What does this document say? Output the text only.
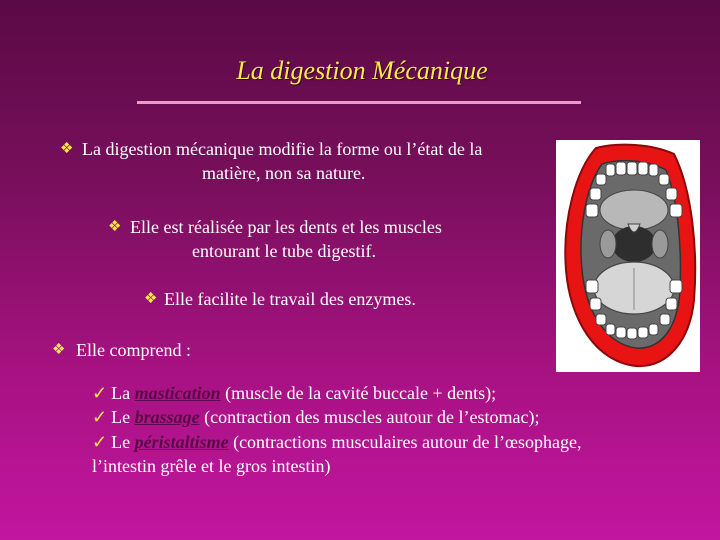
La digestion Mécanique
❖ La digestion mécanique modifie la forme ou l’état de la
matière, non sa nature.
❖ Elle est réalisée par les dents et les muscles
entourant le tube digestif.
❖ Elle facilite le travail des enzymes.
❖ Elle comprend :
✓ La mastication (muscle de la cavité buccale + dents);
✓ Le brassage (contraction des muscles autour de l’estomac);
✓ Le péristaltisme (contractions musculaires autour de l’œsophage,
l’intestin grêle et le gros intestin)
